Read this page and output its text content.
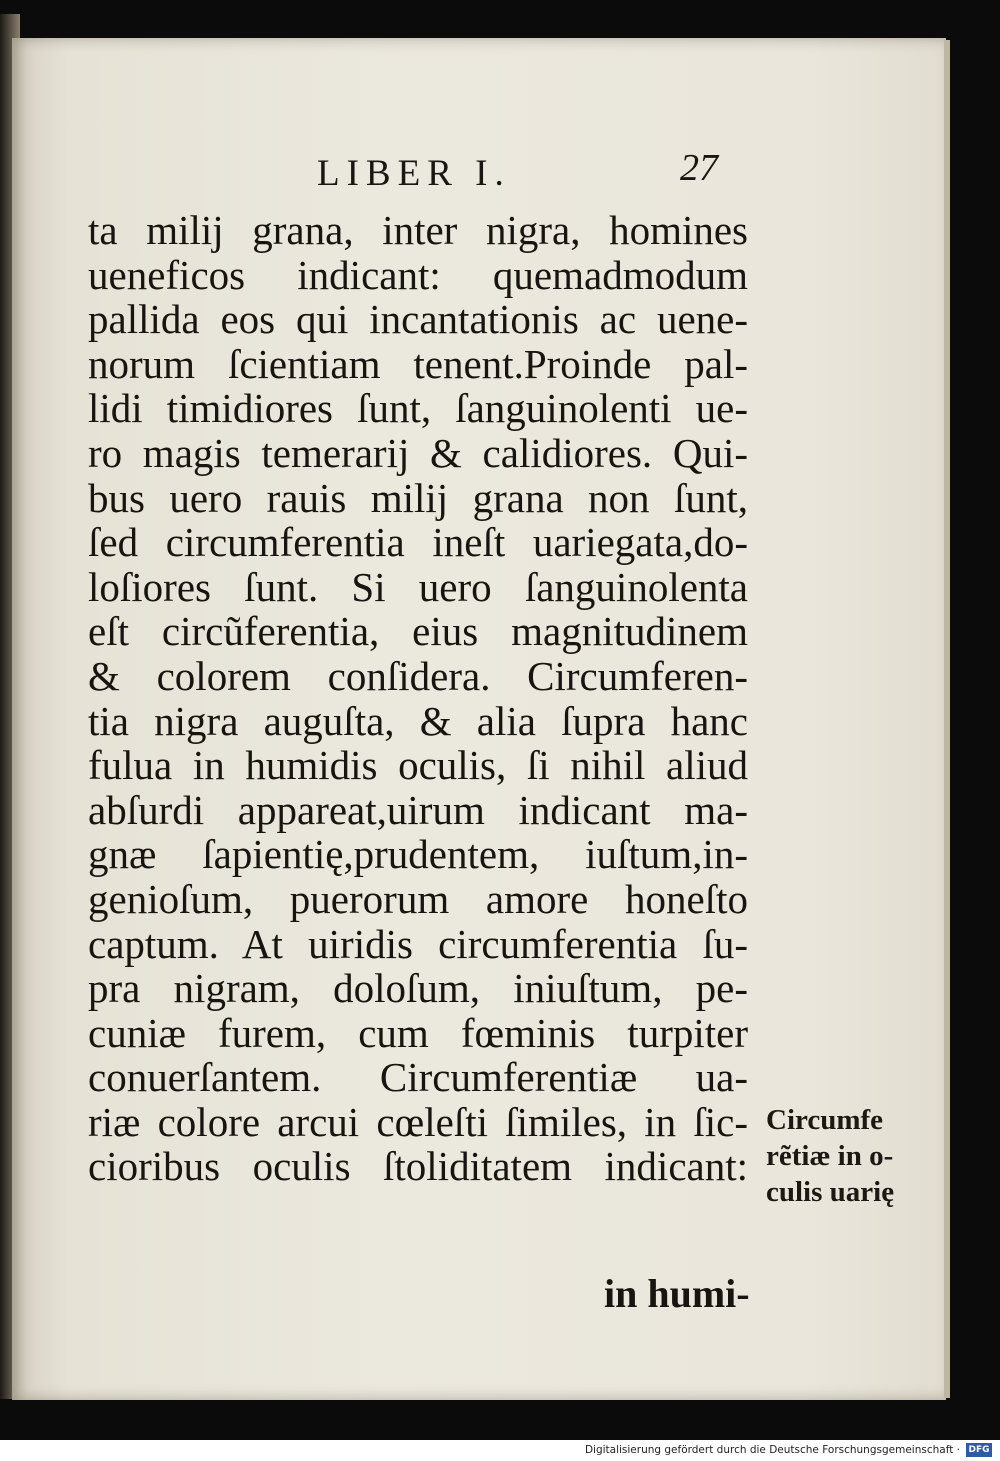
LIBER I.	27
ta milij grana, inter nigra, homines
ueneficos indicant: quemadmodum
pallida eos qui incantationis ac uene-
norum ſcientiam tenent.Proinde pal-
lidi timidiores ſunt, ſanguinolenti ue-
ro magis temerarij & calidiores. Qui-
bus uero rauis milij grana non ſunt,
ſed circumferentia ineſt uariegata,do-
loſiores ſunt. Si uero ſanguinolenta
eſt circũferentia, eius magnitudinem
& colorem conſidera. Circumferen-
tia nigra auguſta, & alia ſupra hanc
fulua in humidis oculis, ſi nihil aliud
abſurdi appareat,uirum indicant ma-
gnæ ſapientię,prudentem, iuſtum,in-
genioſum, puerorum amore honeſto
captum. At uiridis circumferentia ſu-
pra nigram, doloſum, iniuſtum, pe-
cuniæ furem, cum fœminis turpiter
conuerſantem. Circumferentiæ ua-
riæ colore arcui cœleſti ſimiles, in ſic-
cioribus oculis ſtoliditatem indicant:
in humi-
Circumfe
rẽtiæ in o-
culis uarię
Digitalisierung gefördert durch die Deutsche Forschungsgemeinschaft · DFG
